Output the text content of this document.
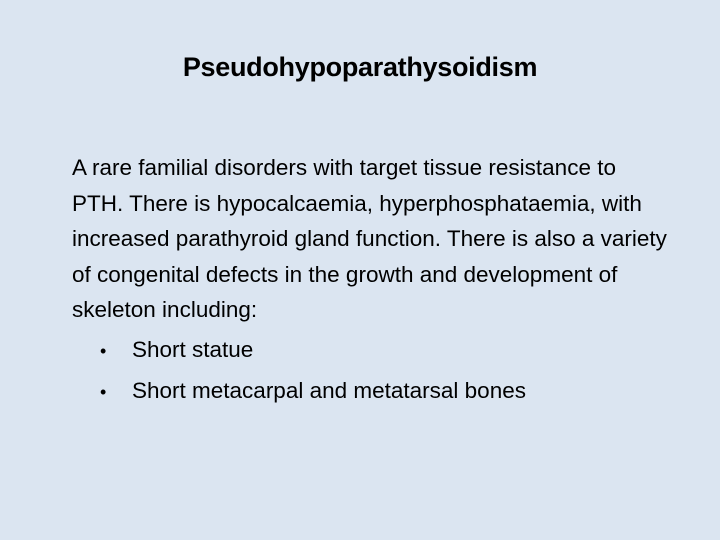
Pseudohypoparathysoidism

A rare familial disorders with target tissue resistance to PTH. There is hypocalcaemia, hyperphosphataemia, with increased parathyroid gland function. There is also a variety of congenital defects in the growth and development of skeleton including:

•	Short statue
•	Short metacarpal and metatarsal bones
